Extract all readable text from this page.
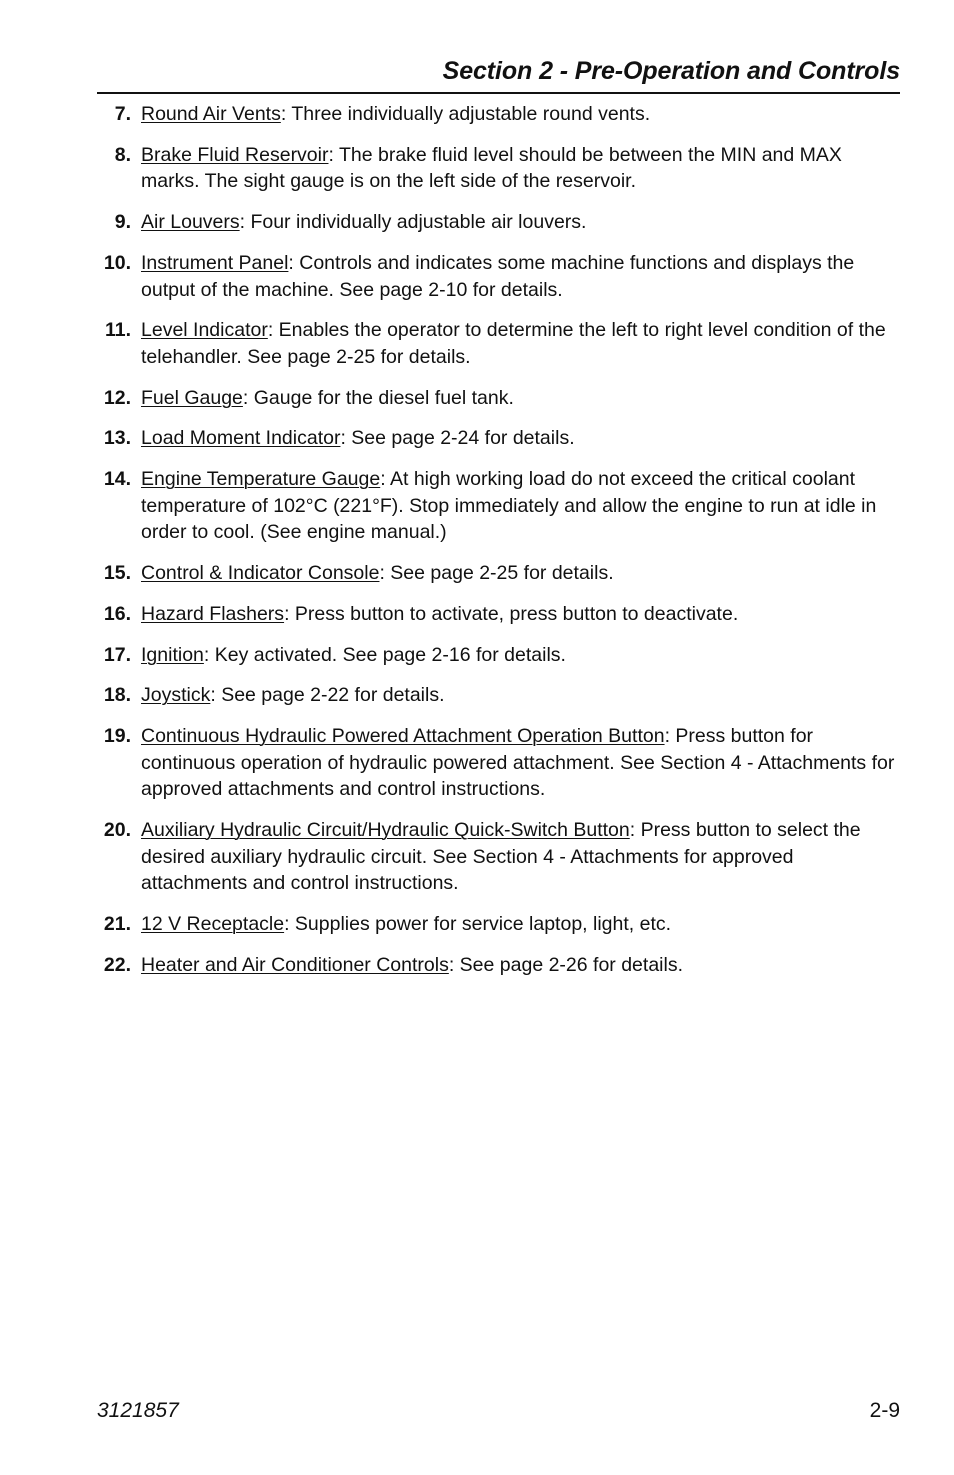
Section 2 - Pre-Operation and Controls
7. Round Air Vents: Three individually adjustable round vents.
8. Brake Fluid Reservoir: The brake fluid level should be between the MIN and MAX marks. The sight gauge is on the left side of the reservoir.
9. Air Louvers: Four individually adjustable air louvers.
10. Instrument Panel: Controls and indicates some machine functions and displays the output of the machine. See page 2-10 for details.
11. Level Indicator: Enables the operator to determine the left to right level condition of the telehandler. See page 2-25 for details.
12. Fuel Gauge: Gauge for the diesel fuel tank.
13. Load Moment Indicator: See page 2-24 for details.
14. Engine Temperature Gauge: At high working load do not exceed the critical coolant temperature of 102°C (221°F). Stop immediately and allow the engine to run at idle in order to cool. (See engine manual.)
15. Control & Indicator Console: See page 2-25 for details.
16. Hazard Flashers: Press button to activate, press button to deactivate.
17. Ignition: Key activated. See page 2-16 for details.
18. Joystick: See page 2-22 for details.
19. Continuous Hydraulic Powered Attachment Operation Button: Press button for continuous operation of hydraulic powered attachment. See Section 4 - Attachments for approved attachments and control instructions.
20. Auxiliary Hydraulic Circuit/Hydraulic Quick-Switch Button: Press button to select the desired auxiliary hydraulic circuit. See Section 4 - Attachments for approved attachments and control instructions.
21. 12 V Receptacle: Supplies power for service laptop, light, etc.
22. Heater and Air Conditioner Controls: See page 2-26 for details.
3121857	2-9
